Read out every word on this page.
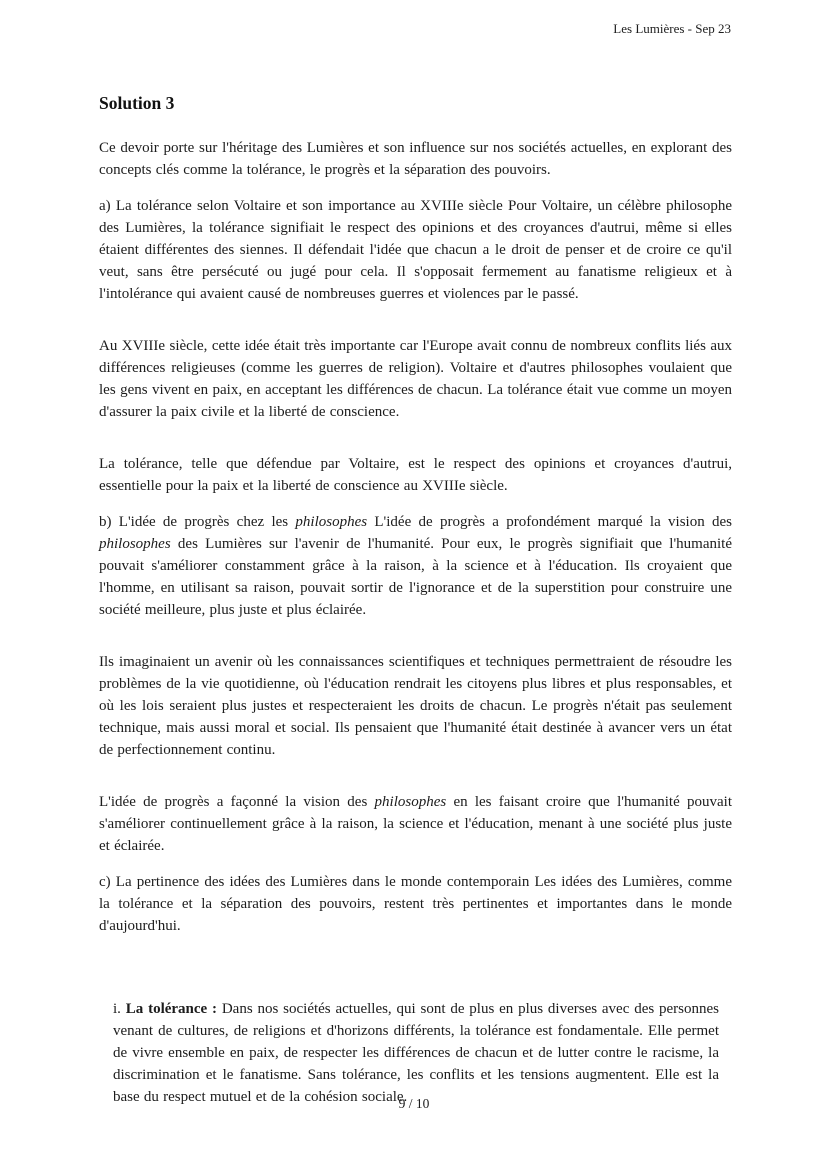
Les Lumières - Sep 23
Solution 3

Ce devoir porte sur l'héritage des Lumières et son influence sur nos sociétés actuelles, en explorant des concepts clés comme la tolérance, le progrès et la séparation des pouvoirs.

a) La tolérance selon Voltaire et son importance au XVIIIe siècle Pour Voltaire, un célèbre philosophe des Lumières, la tolérance signifiait le respect des opinions et des croyances d'autrui, même si elles étaient différentes des siennes. Il défendait l'idée que chacun a le droit de penser et de croire ce qu'il veut, sans être persécuté ou jugé pour cela. Il s'opposait fermement au fanatisme religieux et à l'intolérance qui avaient causé de nombreuses guerres et violences par le passé.

Au XVIIIe siècle, cette idée était très importante car l'Europe avait connu de nombreux conflits liés aux différences religieuses (comme les guerres de religion). Voltaire et d'autres philosophes voulaient que les gens vivent en paix, en acceptant les différences de chacun. La tolérance était vue comme un moyen d'assurer la paix civile et la liberté de conscience.

La tolérance, telle que défendue par Voltaire, est le respect des opinions et croyances d'autrui, essentielle pour la paix et la liberté de conscience au XVIIIe siècle.

b) L'idée de progrès chez les philosophes L'idée de progrès a profondément marqué la vision des philosophes des Lumières sur l'avenir de l'humanité. Pour eux, le progrès signifiait que l'humanité pouvait s'améliorer constamment grâce à la raison, à la science et à l'éducation. Ils croyaient que l'homme, en utilisant sa raison, pouvait sortir de l'ignorance et de la superstition pour construire une société meilleure, plus juste et plus éclairée.

Ils imaginaient un avenir où les connaissances scientifiques et techniques permettraient de résoudre les problèmes de la vie quotidienne, où l'éducation rendrait les citoyens plus libres et plus responsables, et où les lois seraient plus justes et respecteraient les droits de chacun. Le progrès n'était pas seulement technique, mais aussi moral et social. Ils pensaient que l'humanité était destinée à avancer vers un état de perfectionnement continu.

L'idée de progrès a façonné la vision des philosophes en les faisant croire que l'humanité pouvait s'améliorer continuellement grâce à la raison, la science et l'éducation, menant à une société plus juste et éclairée.

c) La pertinence des idées des Lumières dans le monde contemporain Les idées des Lumières, comme la tolérance et la séparation des pouvoirs, restent très pertinentes et importantes dans le monde d'aujourd'hui.

i. La tolérance : Dans nos sociétés actuelles, qui sont de plus en plus diverses avec des personnes venant de cultures, de religions et d'horizons différents, la tolérance est fondamentale. Elle permet de vivre ensemble en paix, de respecter les différences de chacun et de lutter contre le racisme, la discrimination et le fanatisme. Sans tolérance, les conflits et les tensions augmentent. Elle est la base du respect mutuel et de la cohésion sociale.

9 / 10
